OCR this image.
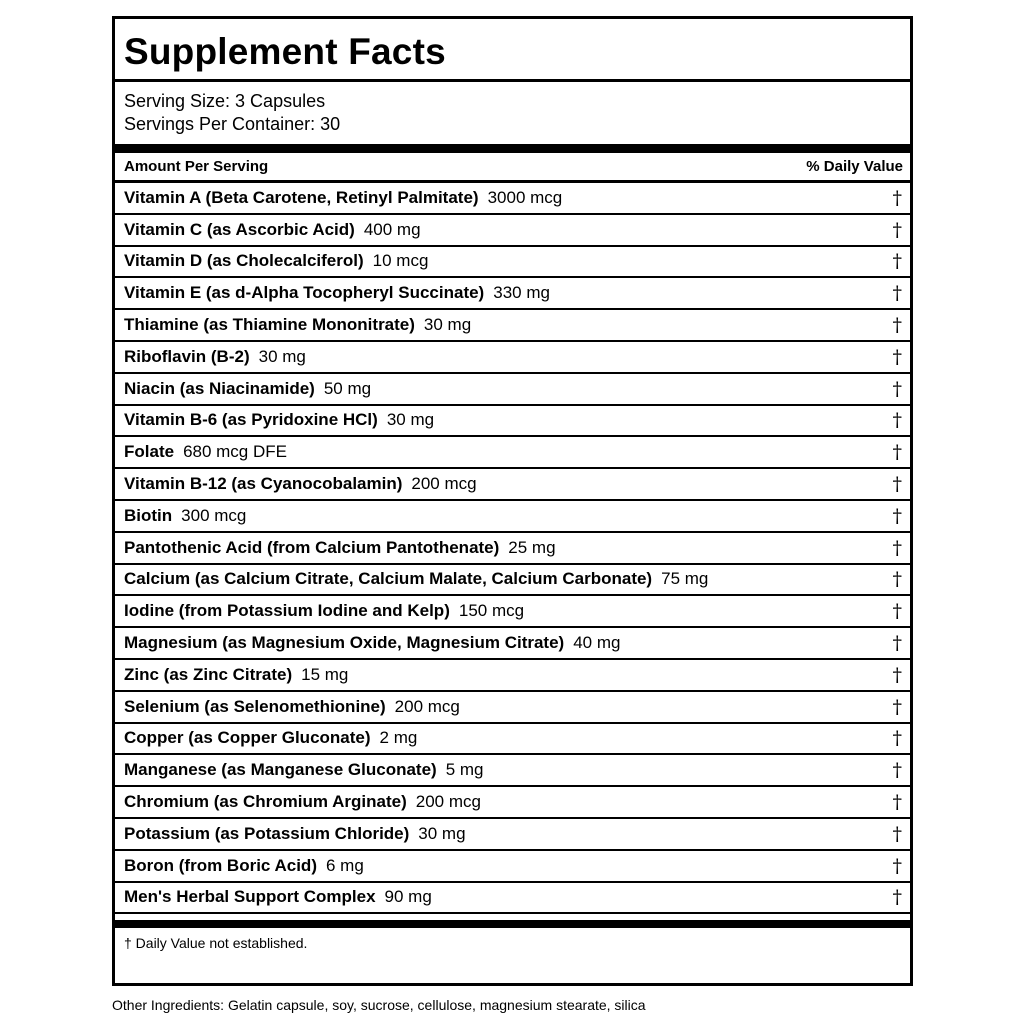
Supplement Facts
Serving Size: 3 Capsules
Servings Per Container: 30
Amount Per Serving	% Daily Value
Vitamin A (Beta Carotene, Retinyl Palmitate) 3000 mcg	†
Vitamin C (as Ascorbic Acid) 400 mg	†
Vitamin D (as Cholecalciferol) 10 mcg	†
Vitamin E (as d-Alpha Tocopheryl Succinate) 330 mg	†
Thiamine (as Thiamine Mononitrate) 30 mg	†
Riboflavin (B-2) 30 mg	†
Niacin (as Niacinamide) 50 mg	†
Vitamin B-6 (as Pyridoxine HCl) 30 mg	†
Folate 680 mcg DFE	†
Vitamin B-12 (as Cyanocobalamin) 200 mcg	†
Biotin 300 mcg	†
Pantothenic Acid (from Calcium Pantothenate) 25 mg	†
Calcium (as Calcium Citrate, Calcium Malate, Calcium Carbonate) 75 mg	†
Iodine (from Potassium Iodine and Kelp) 150 mcg	†
Magnesium (as Magnesium Oxide, Magnesium Citrate) 40 mg	†
Zinc (as Zinc Citrate) 15 mg	†
Selenium (as Selenomethionine) 200 mcg	†
Copper (as Copper Gluconate) 2 mg	†
Manganese (as Manganese Gluconate) 5 mg	†
Chromium (as Chromium Arginate) 200 mcg	†
Potassium (as Potassium Chloride) 30 mg	†
Boron (from Boric Acid) 6 mg	†
Men's Herbal Support Complex 90 mg	†
† Daily Value not established.
Other Ingredients: Gelatin capsule, soy, sucrose, cellulose, magnesium stearate, silica
